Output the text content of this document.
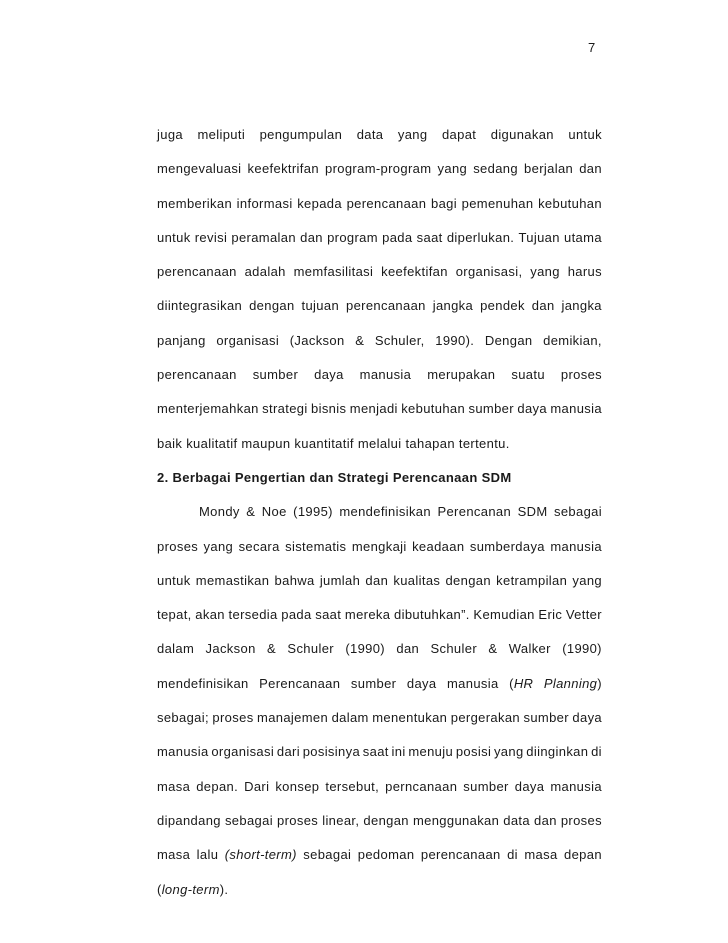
7
juga meliputi pengumpulan data yang dapat digunakan untuk
mengevaluasi keefektrifan program-program yang sedang berjalan dan
memberikan informasi kepada perencanaan bagi pemenuhan kebutuhan
untuk revisi peramalan dan program pada saat diperlukan. Tujuan utama
perencanaan adalah memfasilitasi keefektifan organisasi, yang harus
diintegrasikan dengan tujuan perencanaan jangka pendek dan jangka
panjang organisasi (Jackson & Schuler, 1990). Dengan demikian,
perencanaan sumber daya manusia merupakan suatu proses
menterjemahkan strategi bisnis menjadi kebutuhan sumber daya manusia
baik kualitatif maupun kuantitatif melalui tahapan tertentu.
2. Berbagai Pengertian dan Strategi Perencanaan SDM
Mondy & Noe (1995) mendefinisikan Perencanan SDM sebagai
proses yang secara sistematis mengkaji keadaan sumberdaya manusia
untuk memastikan bahwa jumlah dan kualitas dengan ketrampilan yang
tepat, akan tersedia pada saat mereka dibutuhkan”. Kemudian Eric Vetter
dalam Jackson & Schuler (1990) dan Schuler & Walker (1990)
mendefinisikan Perencanaan sumber daya manusia (HR Planning)
sebagai; proses manajemen dalam menentukan pergerakan sumber daya
manusia organisasi dari posisinya saat ini menuju posisi yang diinginkan di
masa depan. Dari konsep tersebut, perncanaan sumber daya manusia
dipandang sebagai proses linear, dengan menggunakan data dan proses
masa lalu (short-term) sebagai pedoman perencanaan di masa depan
(long-term).
